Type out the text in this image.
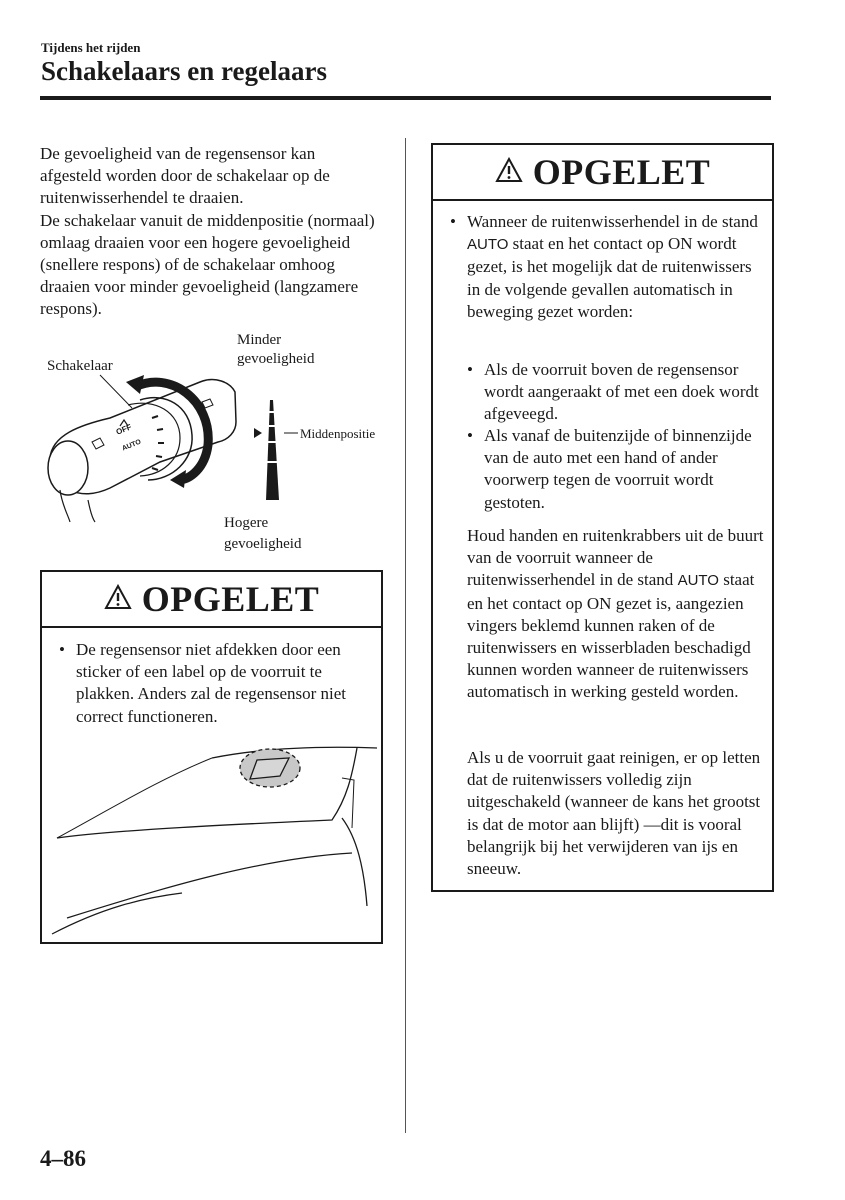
Tijdens het rijden
Schakelaars en regelaars

De gevoeligheid van de regensensor kan afgesteld worden door de schakelaar op de ruitenwisserhendel te draaien.

De schakelaar vanuit de middenpositie (normaal) omlaag draaien voor een hogere gevoeligheid (snellere respons) of de schakelaar omhoog draaien voor minder gevoeligheid (langzamere respons).

Schakelaar
Minder
gevoeligheid
Middenpositie
Hogere
gevoeligheid
OFF
AUTO
OPGELET
• De regensensor niet afdekken door een sticker of een label op de voorruit te plakken. Anders zal de regensensor niet correct functioneren.
OPGELET
• Wanneer de ruitenwisserhendel in de stand AUTO staat en het contact op ON wordt gezet, is het mogelijk dat de ruitenwissers in de volgende gevallen automatisch in beweging gezet worden:
• Als de voorruit boven de regensensor wordt aangeraakt of met een doek wordt afgeveegd.
• Als vanaf de buitenzijde of binnenzijde van de auto met een hand of ander voorwerp tegen de voorruit wordt gestoten.
Houd handen en ruitenkrabbers uit de buurt van de voorruit wanneer de ruitenwisserhendel in de stand AUTO staat en het contact op ON gezet is, aangezien vingers beklemd kunnen raken of de ruitenwissers en wisserbladen beschadigd kunnen worden wanneer de ruitenwissers automatisch in werking gesteld worden.
Als u de voorruit gaat reinigen, er op letten dat de ruitenwissers volledig zijn uitgeschakeld (wanneer de kans het grootst is dat de motor aan blijft) —dit is vooral belangrijk bij het verwijderen van ijs en sneeuw.
4–86
